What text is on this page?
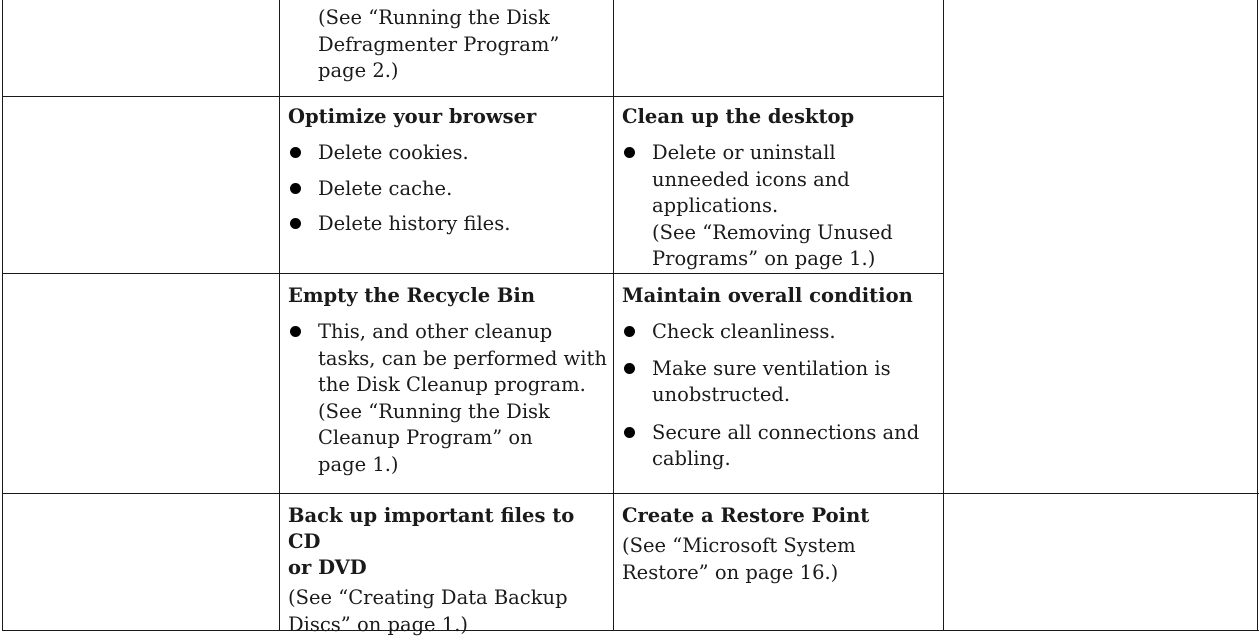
(See “Running the Disk
Defragmenter Program”
page 2.)
Optimize your browser
Delete cookies.
Delete cache.
Delete history files.
Clean up the desktop
Delete or uninstall
unneeded icons and
applications.
(See “Removing Unused
Programs” on page 1.)
Empty the Recycle Bin
This, and other cleanup
tasks, can be performed with
the Disk Cleanup program.
(See “Running the Disk
Cleanup Program” on
page 1.)
Maintain overall condition
Check cleanliness.
Make sure ventilation is
unobstructed.
Secure all connections and
cabling.
Back up important files to CD
or DVD
(See “Creating Data Backup
Discs” on page 1.)
Create a Restore Point
(See “Microsoft System
Restore” on page 16.)
